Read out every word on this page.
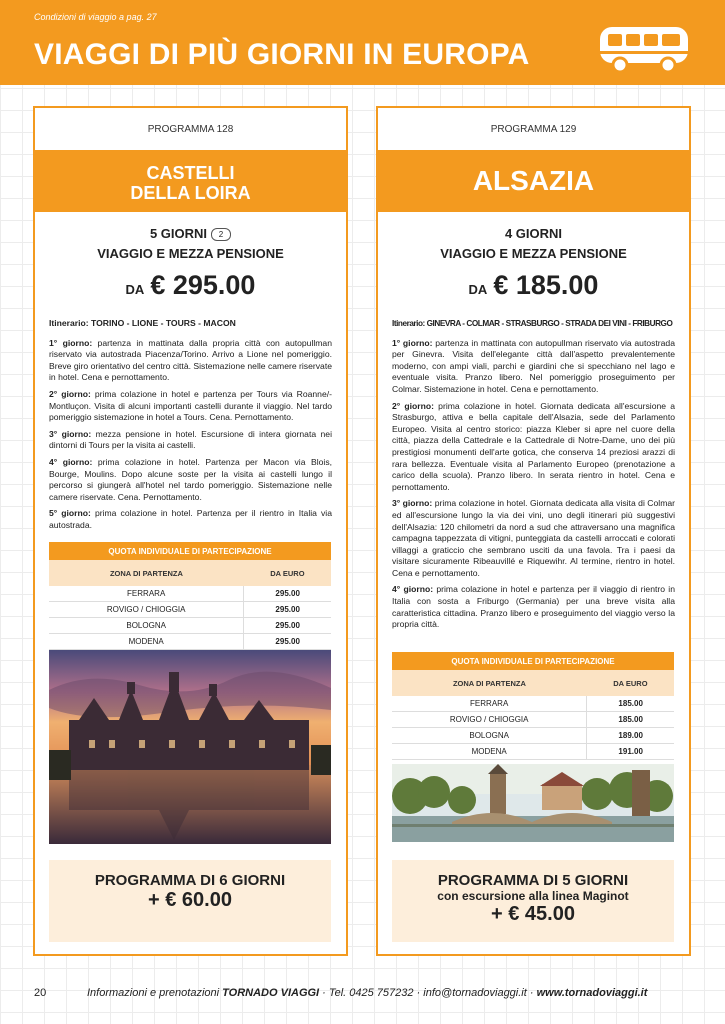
Condizioni di viaggio a pag. 27
VIAGGI DI PIÙ GIORNI IN EUROPA
PROGRAMMA 128
CASTELLI
DELLA LOIRA
5 GIORNI 2
VIAGGIO E MEZZA PENSIONE
DA € 295.00
Itinerario: TORINO - LIONE - TOURS - MACON

1° giorno: partenza in mattinata dalla propria città con autopullman riservato via autostrada Piacenza/Torino. Arrivo a Lione nel pomeriggio. Breve giro orientativo del centro città. Sistemazione nelle camere riservate in hotel. Cena e pernottamento.

2° giorno: prima colazione in hotel e partenza per Tours via Roanne/-Montluçon. Visita di alcuni importanti castelli durante il viaggio. Nel tardo pomeriggio sistemazione in hotel a Tours. Cena. Pernottamento.

3° giorno: mezza pensione in hotel. Escursione di intera giornata nei dintorni di Tours per la visita ai castelli.

4° giorno: prima colazione in hotel. Partenza per Macon via Blois, Bourge, Moulins. Dopo alcune soste per la visita ai castelli lungo il percorso si giungerà all'hotel nel tardo pomeriggio. Sistemazione nelle camere riservate. Cena. Pernottamento.

5° giorno: prima colazione in hotel. Partenza per il rientro in Italia via autostrada.

QUOTA INDIVIDUALE DI PARTECIPAZIONE	
ZONA DI PARTENZA	DA EURO
FERRARA	295.00
ROVIGO / CHIOGGIA	295.00
BOLOGNA	295.00
MODENA	295.00
PROGRAMMA DI 6 GIORNI
+ € 60.00
PROGRAMMA 129
ALSAZIA
4 GIORNI
VIAGGIO E MEZZA PENSIONE
DA € 185.00
Itinerario: GINEVRA - COLMAR - STRASBURGO - STRADA DEI VINI - FRIBURGO

1° giorno: partenza in mattinata con autopullman riservato via autostrada per Ginevra. Visita dell'elegante città dall'aspetto prevalentemente moderno, con ampi viali, parchi e giardini che si specchiano nel lago e eventuale visita. Pranzo libero. Nel pomeriggio proseguimento per Colmar. Sistemazione in hotel. Cena e pernottamento.

2° giorno: prima colazione in hotel. Giornata dedicata all'escursione a Strasburgo, attiva e bella capitale dell'Alsazia, sede del Parlamento Europeo. Visita al centro storico: piazza Kleber si apre nel cuore della città, piazza della Cattedrale e la Cattedrale di Notre-Dame, uno dei più prestigiosi monumenti dell'arte gotica, che conserva 14 preziosi arazzi di rara bellezza. Eventuale visita al Parlamento Europeo (prenotazione a carico della scuola). Pranzo libero. In serata rientro in hotel. Cena e pernottamento.

3° giorno: prima colazione in hotel. Giornata dedicata alla visita di Colmar ed all'escursione lungo la via dei vini, uno degli itinerari più suggestivi dell'Alsazia: 120 chilometri da nord a sud che attraversano una magnifica campagna tappezzata di vitigni, punteggiata da castelli arroccati e colorati villaggi a graticcio che sembrano usciti da una favola. Tra i paesi da visitare sicuramente Ribeauvillé e Riquewihr. Al termine, rientro in hotel. Cena e pernottamento.

4° giorno: prima colazione in hotel e partenza per il viaggio di rientro in Italia con sosta a Friburgo (Germania) per una breve visita alla caratteristica cittadina. Pranzo libero e proseguimento del viaggio verso la propria città.

QUOTA INDIVIDUALE DI PARTECIPAZIONE	
ZONA DI PARTENZA	DA EURO
FERRARA	185.00
ROVIGO / CHIOGGIA	185.00
BOLOGNA	189.00
MODENA	191.00
PROGRAMMA DI 5 GIORNI
con escursione alla linea Maginot
+ € 45.00
20	Informazioni e prenotazioni TORNADO VIAGGI · Tel. 0425 757232 · info@tornadoviaggi.it · www.tornadoviaggi.it
